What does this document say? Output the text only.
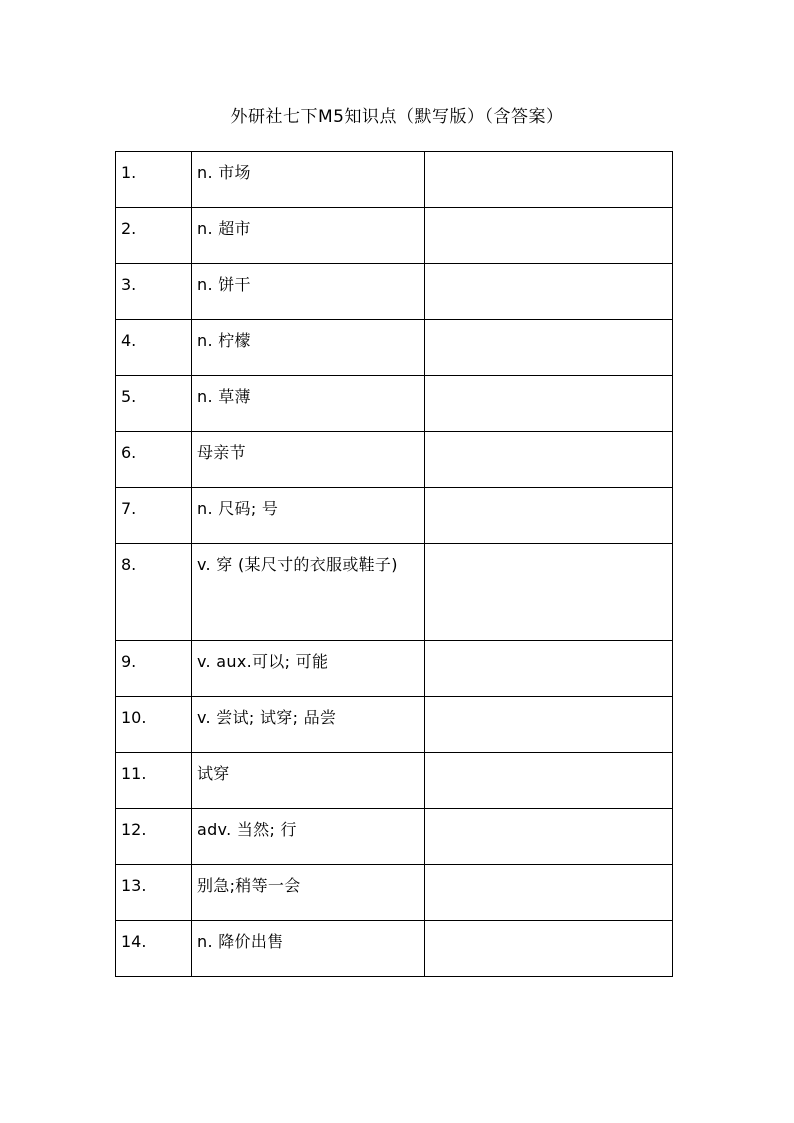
外研社七下M5知识点（默写版）（含答案）
1.	n. 市场	

2.	n. 超市	

3.	n. 饼干	

4.	n. 柠檬	

5.	n. 草薄	

6.	母亲节	

7.	n. 尺码; 号	

8.	v. 穿 (某尺寸的衣服或鞋子)	

9.	v. aux.可以; 可能	

10.	v. 尝试; 试穿; 品尝	

11.	试穿	

12.	adv. 当然; 行	

13.	别急;稍等一会	

14.	n. 降价出售	
